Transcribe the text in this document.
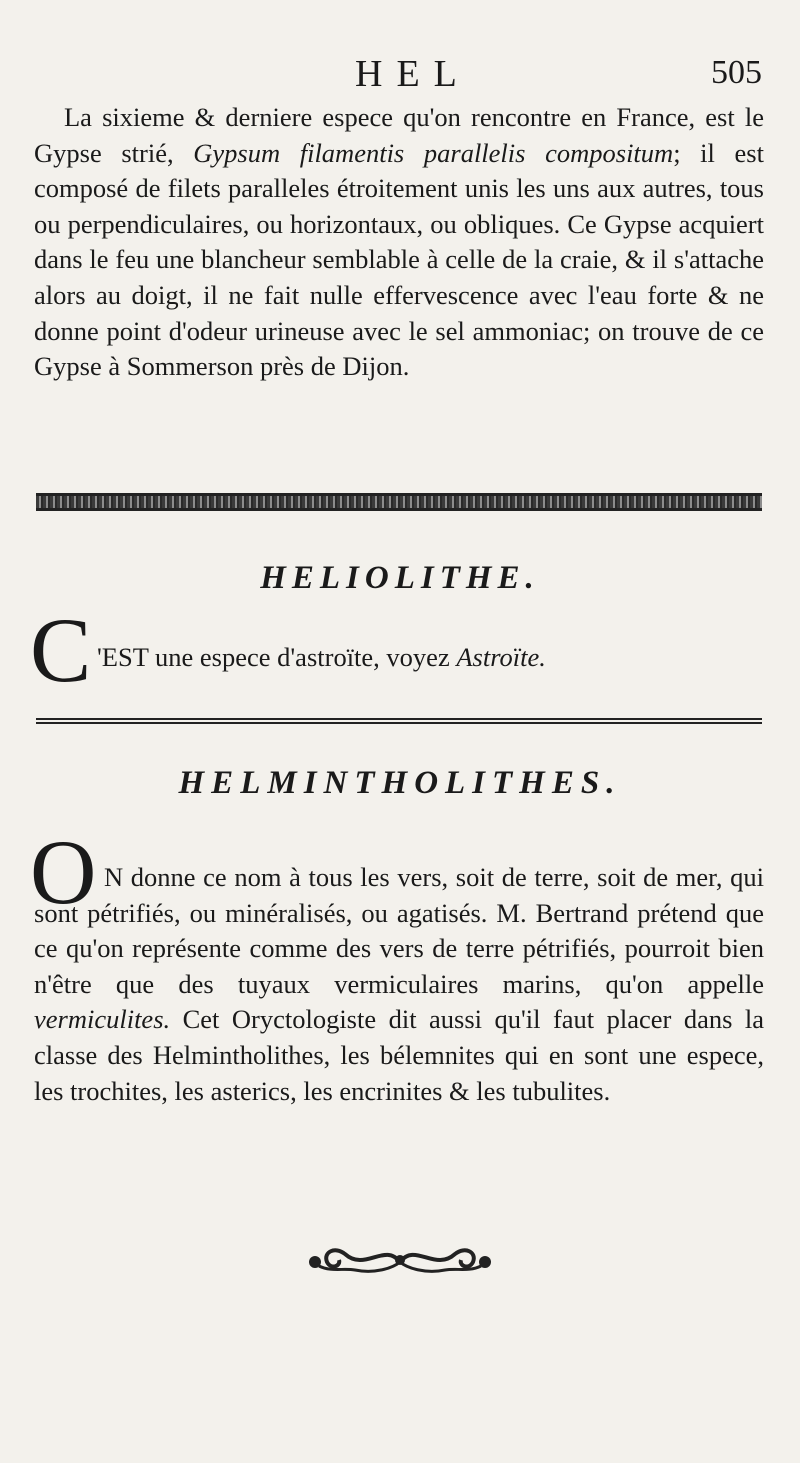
HEL	505

La sixieme & derniere espece qu'on rencontre en France, est le Gypse strié, Gypsum filamentis parallelis compositum; il est composé de filets paralleles étroitement unis les uns aux autres, tous ou perpendiculaires, ou horizontaux, ou obliques. Ce Gypse acquiert dans le feu une blancheur semblable à celle de la craie, & il s'attache alors au doigt, il ne fait nulle effervescence avec l'eau forte & ne donne point d'odeur urineuse avec le sel ammoniac; on trouve de ce Gypse à Sommerson près de Dijon.

HELIOLITHE.
C 'EST une espece d'astroïte, voyez Astroïte.

HELMINTHOLITHES.
O N donne ce nom à tous les vers, soit de terre, soit de mer, qui sont pétrifiés, ou minéralisés, ou agatisés. M. Bertrand prétend que ce qu'on représente comme des vers de terre pétrifiés, pourroit bien n'être que des tuyaux vermiculaires marins, qu'on appelle vermiculites. Cet Oryctologiste dit aussi qu'il faut placer dans la classe des Helmintholithes, les bélemnites qui en sont une espece, les trochites, les asterics, les encrinites & les tubulites.
